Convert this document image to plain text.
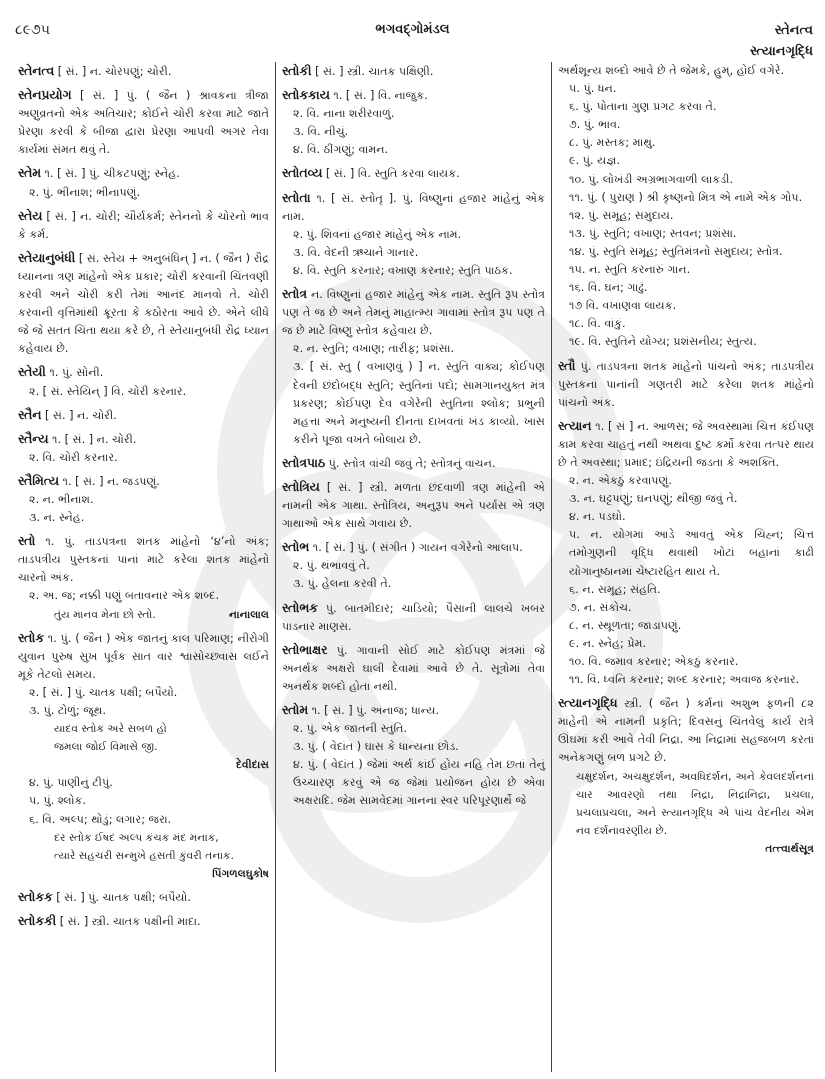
૮૯૭૫	ભગવદ્ગોમંડલ	સ્તેનત્વ
સ્ત્યાનગૃદ્ધિ
સ્તેનત્વ [ સં. ] ન. ચોરપણું; ચોરી.
સ્તેનપ્રયોગ [ સં. ] પું. ( જૈન ) શ્રાવકના ત્રીજા અણુવ્રતનો એક અતિચાર; કોઈને ચોરી કરવા માટે જાતે પ્રેરણા કરવી કે બીજા દ્વારા પ્રેરણા આપવી અગર તેવા કાર્યમાં સંમત થવું તે.
સ્તેમ ૧. [ સં. ] પું. ચીકટપણું; સ્નેહ.
૨. પું. ભીનાશ; ભીનાપણું.
સ્તેય [ સં. ] ન. ચોરી; ચૌર્યકર્મ; સ્તેનનો કે ચોરનો ભાવ કે કર્મ.
સ્તેયાનુબંધી [ સં. સ્તેય + અનુબંધિન્ ] ન. ( જૈન ) રૌદ્ર ધ્યાનના ત્રણ માંહેનો એક પ્રકાર; ચોરી કરવાની ચિંતવણી કરવી અને ચોરી કરી તેમાં આનંદ માનવો તે. ચોરી કરવાની વૃત્તિમાંથી ક્રૂરતા કે કઠોરતા આવે છે. એને લીધે જે જે સતત ચિંતા થયા કરે છે, તે સ્તેયાનુબંધી રૌદ્ર ધ્યાન કહેવાય છે.
સ્તેયી ૧. પું. સોની.
૨. [ સં. સ્તેયિન્ ] વિ. ચોરી કરનાર.
સ્તૈન [ સં. ] ન. ચોરી.
સ્તૈન્ય ૧. [ સં. ] ન. ચોરી.
૨. વિ. ચોરી કરનાર.
સ્તૈમિત્ય ૧. [ સં. ] ન. જડપણું.
૨. ન. ભીનાશ.
૩. ન. સ્નેહ.
સ્તો ૧. પું. તાડપત્રના શતક માંહેનો ‘૪’નો અંક; તાડપત્રીય પુસ્તકનાં પાનાં માટે કરેલા શતક માંહેનો ચારનો અંક.
૨. અ. જ; નક્કી પણું બતાવનાર એક શબ્દ.
તુંય માનવ મેના છો સ્તો.	નાનાલાલ
સ્તોક ૧. પું. ( જૈન ) એક જાતનું કાલ પરિમાણ; નીરોગી યુવાન પુરુષ સુખ પૂર્વક સાત વાર શ્વાસોચ્છ્વાસ લઈને મૂકે તેટલો સમય.
૨. [ સં. ] પું. ચાતક પક્ષી; બપૈયો.
૩. પું. ટોળું; જૂથ.
યાદવ સ્તોક અરે સબળ હો
જમલા જોઈ વિમાસે જી.
દેવીદાસ
૪. પું. પાણીનું ટીપું.
૫. પું. શ્લોક.
૬. વિ. અલ્પ; થોડું; લગાર; જરા.
દર સ્તોક ઈષદ અલ્પ કંચક મંદ મનાક,
ત્યારે સહચરી સન્મુખે હસતી કુંવરી તનાક.
પિંગળલઘુકોષ
સ્તોકક [ સં. ] પું. ચાતક પક્ષી; બપૈયો.
સ્તોકકી [ સં. ] સ્ત્રી. ચાતક પક્ષીની માદા.
સ્તોકી [ સં. ] સ્ત્રી. ચાતક પક્ષિણી.
સ્તોકકાય ૧. [ સં. ] વિ. નાજુક.
૨. વિ. નાના શરીરવાળું.
૩. વિ. નીચું.
૪. વિ. ઠીંગણું; વામન.
સ્તોતવ્ય [ સં. ] વિ. સ્તુતિ કરવા લાયક.
સ્તોતા ૧. [ સં. સ્તોતૃ ]. પું. વિષ્ણુનાં હજાર માંહેનું એક નામ.
૨. પું. શિવનાં હજાર માંહેનું એક નામ.
૩. વિ. વેદની ઋચાને ગાનાર.
૪. વિ. સ્તુતિ કરનાર; વખાણ કરનાર; સ્તુતિ પાઠક.
સ્તોત્ર ન. વિષ્ણુનાં હજાર માંહેનું એક નામ. સ્તુતિ રૂપ સ્તોત્ર પણ તે જ છે અને તેમનું માહાત્મ્ય ગાવામાં સ્તોત્ર રૂપ પણ તે જ છે માટે વિષ્ણુ સ્તોત્ર કહેવાય છે.
૨. ન. સ્તુતિ; વખાણ; તારીફ; પ્રશંસા.
૩. [ સં. સ્તુ ( વખાણવું ) ] ન. સ્તુતિ વાક્ય; કોઈપણ દેવની છંદોબદ્ધ સ્તુતિ; સ્તુતિનાં પદો; સામગાનયુક્ત મંત્ર પ્રકરણ; કોઈપણ દેવ વગેરેની સ્તુતિના શ્લોક; પ્રભુની મહત્તા અને મનુષ્યની દીનતા દાખવતાં ખંડ કાવ્યો. ખાસ કરીને પૂજા વખતે બોલાય છે.
સ્તોત્રપાઠ પું. સ્તોત્ર વાંચી જવું તે; સ્તોત્રનું વાચન.
સ્તોત્રિય [ સં. ] સ્ત્રી. મળતા છંદવાળી ત્રણ માંહેની એ નામની એક ગાથા. સ્તોત્રિય, અનુરૂપ અને પર્યાસ એ ત્રણ ગાથાઓ એક સાથે ગવાય છે.
સ્તોભ ૧. [ સં. ] પું. ( સંગીત ) ગાયન વગેરેનો આલાપ.
૨. પું. થંભાવવું તે.
૩. પું. હેલના કરવી તે.
સ્તોભક પું. બાતમીદાર; ચાડિયો; પૈસાની લાલચે ખબર પાડનાર માણસ.
સ્તોભાક્ષર પું. ગાવાની સોઈ માટે કોઈપણ મંત્રમાં જે અનર્થક અક્ષરો ઘાલી દેવામાં આવે છે તે. સૂત્રોમાં તેવા અનર્થક શબ્દો હોતા નથી.
સ્તોમ ૧. [ સં. ] પું. અનાજ; ધાન્ય.
૨. પું. એક જાતની સ્તુતિ.
૩. પું. ( વેદાંત ) ઘાસ કે ધાન્યના છોડ.
૪. પું. ( વેદાંત ) જેમાં અર્થ કાંઈ હોય નહિ તેમ છતાં તેનું ઉચ્ચારણ કરવું એ જ જેમાં પ્રયોજન હોય છે એવા અક્ષરાદિ. જેમ સામવેદમાં ગાનના સ્વર પરિપૂરણાર્થે જે
અર્થશૂન્ય શબ્દો આવે છે તે જેમકે, હુમ્, હોઈ વગેરે.
૫. પું. ધન.
૬. પું. પોતાના ગુણ પ્રગટ કરવા તે.
૭. પું. ભાવ.
૮. પું. મસ્તક; માથું.
૯. પું. યજ્ઞ.
૧૦. પું. લોખંડી અગ્રભાગવાળી લાકડી.
૧૧. પું. ( પુરાણ ) શ્રી કૃષ્ણનો મિત્ર એ નામે એક ગોપ.
૧૨. પું. સમૂહ; સમુદાય.
૧૩. પું. સ્તુતિ; વખાણ; સ્તવન; પ્રશંસા.
૧૪. પું. સ્તુતિ સમૂહ; સ્તુતિમંત્રનો સમુદાય; સ્તોત્ર.
૧૫. ન. સ્તુતિ કરનારું ગાન.
૧૬. વિ. ઘન; ગાઢું.
૧૭ વિ. વખાણવા લાયક.
૧૮. વિ. વાંકું.
૧૯. વિ. સ્તુતિને યોગ્ય; પ્રશંસનીય; સ્તુત્ય.
સ્તૌ પું. તાડપત્રના શતક માંહેનો પાંચનો અંક; તાડપત્રીય પુસ્તકનાં પાનાંની ગણતરી માટે કરેલા શતક માંહેનો પાંચનો અંક.
સ્ત્યાન ૧. [ સં ] ન. આળસ; જે અવસ્થામાં ચિત્ત કંઈપણ કામ કરવા ચાહતું નથી અથવા દુષ્ટ કર્મો કરવા તત્પર થાય છે તે અવસ્થા; પ્રમાદ; ઇંદ્રિયની જડતા કે અશક્તિ.
૨. ન. એકઠું કરવાપણું.
૩. ન. ઘટ્ટપણું; ઘનપણું; થીજી જવું તે.
૪. ન. પડઘો.
૫. ન. યોગમાં આડે આવતું એક ચિહ્ન; ચિત્ત તમોગુણની વૃદ્ધિ થવાથી ખોટાં બહાનાં કાઢી યોગાનુષ્ઠાનમાં ચેષ્ટારહિત થાય તે.
૬. ન. સમૂહ; સંહતિ.
૭. ન. સંકોચ.
૮. ન. સ્થૂળતા; જાડાપણું.
૯. ન. સ્નેહ; પ્રેમ.
૧૦. વિ. જમાવ કરનાર; એકઠું કરનાર.
૧૧. વિ. ધ્વનિ કરનાર; શબ્દ કરનાર; અવાજ કરનાર.
સ્ત્યાનગૃદ્ધિ સ્ત્રી. ( જૈન ) કર્મનાં અશુભ ફળની ૮૨ માંહેની એ નામની પ્રકૃતિ; દિવસનું ચિંતવેલું કાર્ય રાત્રે ઊંઘમાં કરી આવે તેવી નિદ્રા. આ નિદ્રામાં સહજબળ કરતાં અનેકગણું બળ પ્રગટે છે.
ચક્ષુદર્શન, અચક્ષુદર્શન, અવધિદર્શન, અને કેવલદર્શનનાં ચાર આવરણો તથા નિદ્રા, નિદ્રાનિદ્રા, પ્રચલા, પ્રચલાપ્રચલા, અને સ્ત્યાનગૃદ્ધિ એ પાંચ વેદનીય એમ નવ દર્શનાવરણીય છે.
તત્ત્વાર્થસૂત્ર
